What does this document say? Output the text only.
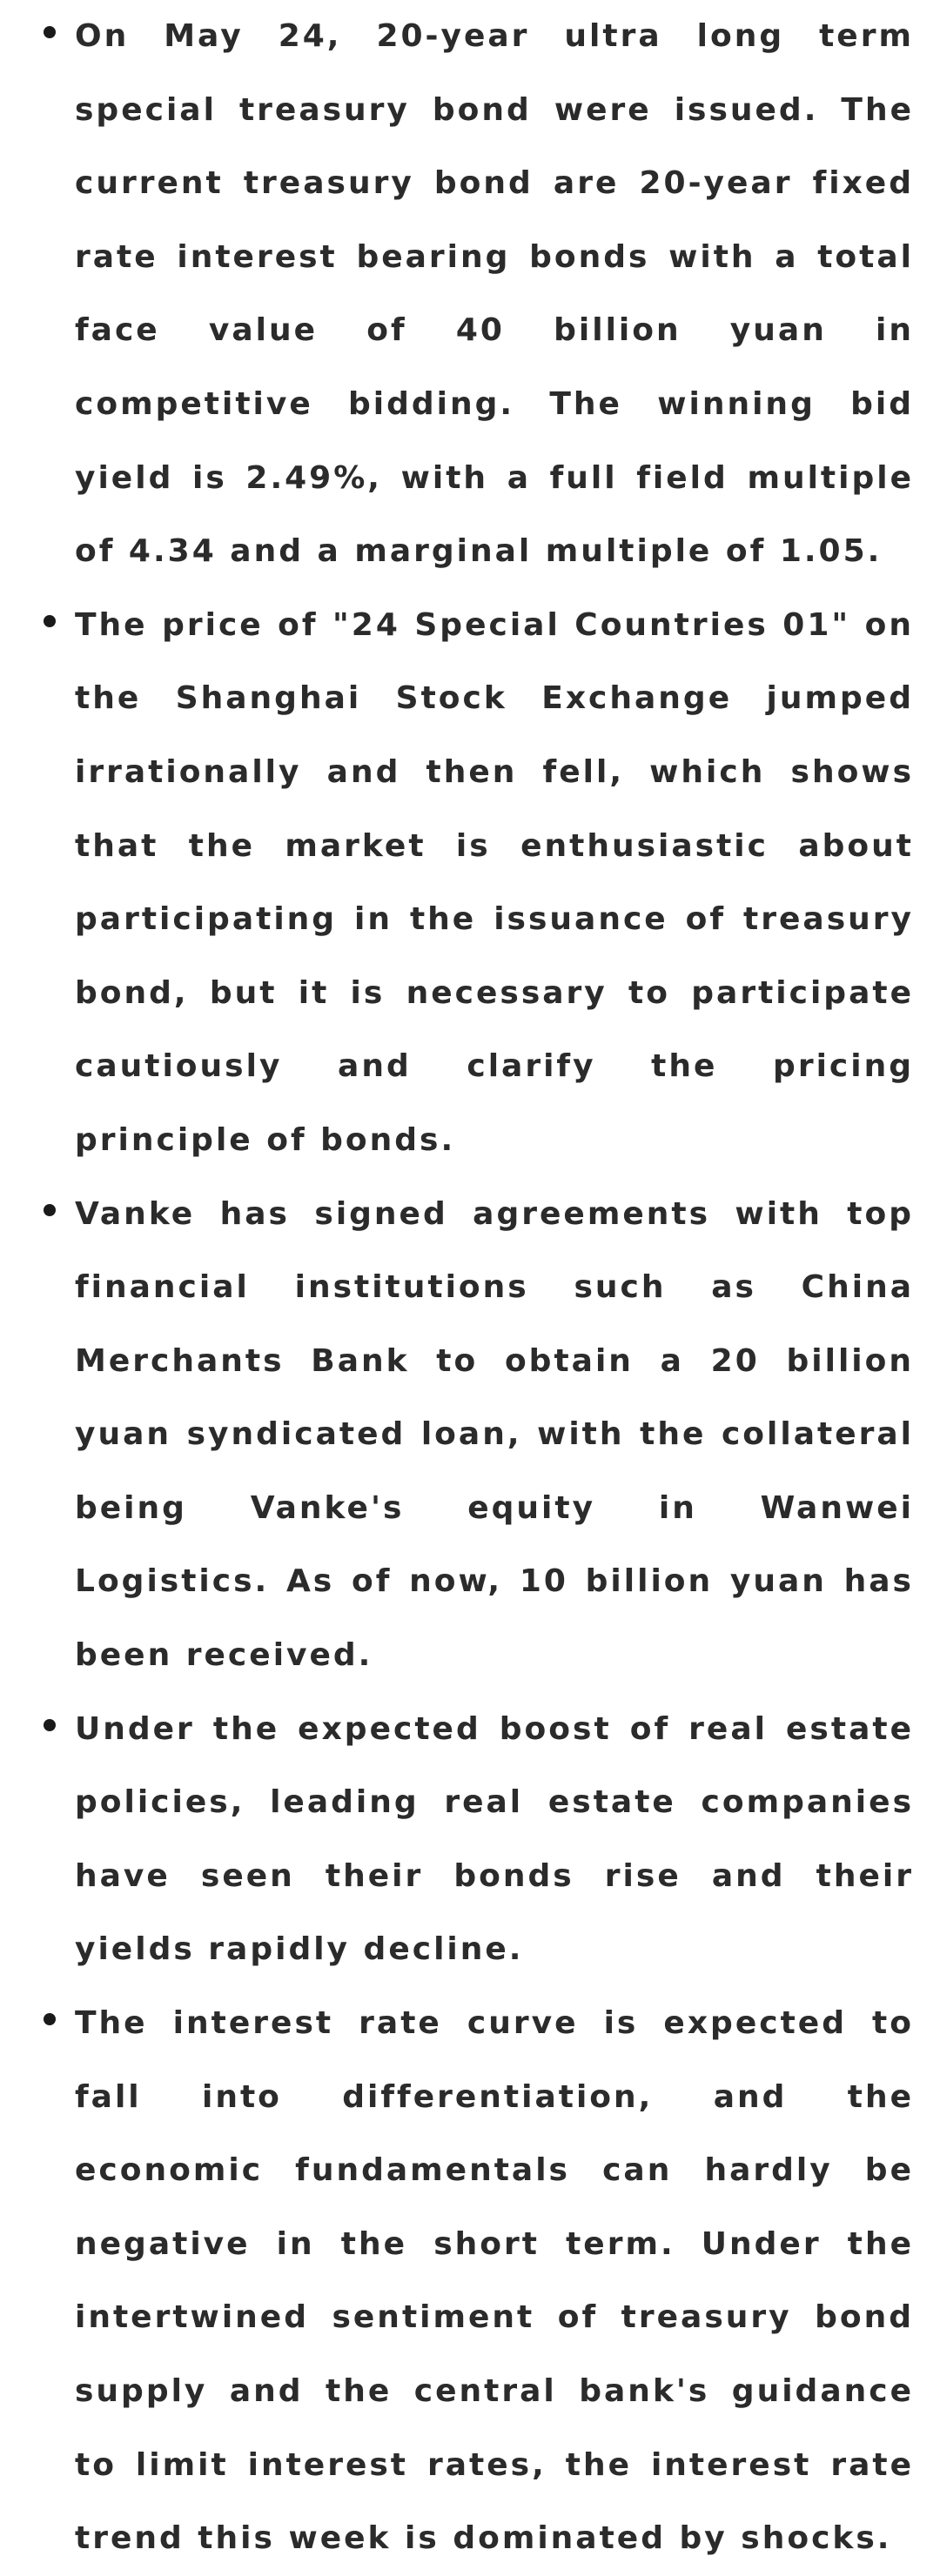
On May 24, 20-year ultra long term special treasury bond were issued. The current treasury bond are 20-year fixed rate interest bearing bonds with a total face value of 40 billion yuan in competitive bidding. The winning bid yield is 2.49%, with a full field multiple of 4.34 and a marginal multiple of 1.05.
The price of "24 Special Countries 01" on the Shanghai Stock Exchange jumped irrationally and then fell, which shows that the market is enthusiastic about participating in the issuance of treasury bond, but it is necessary to participate cautiously and clarify the pricing principle of bonds.
Vanke has signed agreements with top financial institutions such as China Merchants Bank to obtain a 20 billion yuan syndicated loan, with the collateral being Vanke's equity in Wanwei Logistics. As of now, 10 billion yuan has been received.
Under the expected boost of real estate policies, leading real estate companies have seen their bonds rise and their yields rapidly decline.
The interest rate curve is expected to fall into differentiation, and the economic fundamentals can hardly be negative in the short term. Under the intertwined sentiment of treasury bond supply and the central bank's guidance to limit interest rates, the interest rate trend this week is dominated by shocks.
